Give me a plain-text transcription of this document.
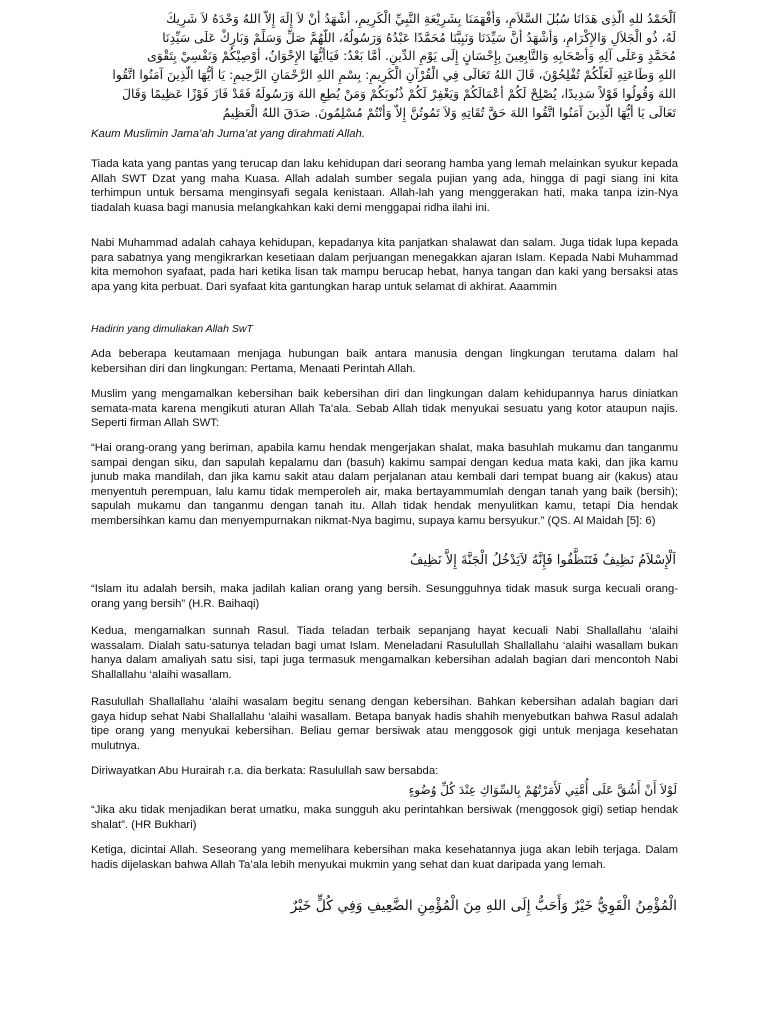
اَلْحَمْدُ للهِ الَّذِى هَدَانَا سُبُلَ السَّلاَمِ، وَأَفْهَمَنَا بِشَرِيْعَةِ النَّبِيِّ الْكَرِيمِ، أَشْهَدُ أَنْ لاَ إِلَهَ إِلاَّ اللهُ وَحْدَهُ لاَ شَرِيكَ
لَهُ، ذُو الْجَلاَلِ وَالإِكْرَامِ، وَأَشْهَدُ أَنَّ سَيِّدَنَا وَنَبِيَّنَا مُحَمَّدًا عَبْدُهُ وَرَسُولُهُ، اللَّهُمَّ صَلِّ وَسَلِّمْ وَبَارِكْ عَلَى سَيِّدِنَا
مُحَمَّدٍ وَعَلَى آلِهِ وَأَصْحَابِهِ وَالتَّابِعِينَ بِإِحْسَانٍ إِلَى يَوْمِ الدِّينِ. أَمَّا بَعْدُ: فَيَاأَيُّهَا الإِخْوَانُ، أُوْصِيْكُمْ وَنَفْسِيْ بِتَقْوَى
اللهِ وَطَاعَتِهِ لَعَلَّكُمْ تُفْلِحُوْنَ، قَالَ اللهُ تَعَالَى فِي الْقُرْآنِ الْكَرِيمِ: بِسْمِ اللهِ الرَّحْمَانِ الرَّحِيمِ: يَا أَيُّهَا الَّذِينَ آمَنُوا اتَّقُوا
اللهَ وَقُولُوا قَوْلاً سَدِيدًا، يُصْلِحْ لَكُمْ أَعْمَالَكُمْ وَيَغْفِرْ لَكُمْ ذُنُوبَكُمْ وَمَنْ يُطِعِ اللهَ وَرَسُولَهُ فَقَدْ فَازَ فَوْزًا عَظِيمًا وَقَالَ
تَعَالَى يَا أَيُّهَا الَّذِينَ آمَنُوا اتَّقُوا اللهَ حَقَّ تُقَاتِهِ وَلاَ تَمُوتُنَّ إِلاَّ وَأَنْتُمْ مُسْلِمُونَ. صَدَقَ اللهُ الْعَظِيمُ

Kaum Muslimin Jama’ah Juma’at yang dirahmati Allah.

Tiada kata yang pantas yang terucap dan laku kehidupan dari seorang hamba yang lemah melainkan syukur kepada Allah SWT Dzat yang maha Kuasa. Allah adalah sumber segala pujian yang ada, hingga di pagi siang ini kita terhimpun untuk bersama menginsyafi segala kenistaan. Allah-lah yang menggerakan hati, maka tanpa izin-Nya tiadalah kuasa bagi manusia melangkahkan kaki demi menggapai ridha ilahi ini.

Nabi Muhammad adalah cahaya kehidupan, kepadanya kita panjatkan shalawat dan salam. Juga tidak lupa kepada para sabatnya yang mengikrarkan kesetiaan dalam perjuangan menegakkan ajaran Islam. Kepada Nabi Muhammad kita memohon syafaat, pada hari ketika lisan tak mampu berucap hebat, hanya tangan dan kaki yang bersaksi atas apa yang kita perbuat. Dari syafaat kita gantungkan harap untuk selamat di akhirat. Aaammin

Hadirin yang dimuliakan Allah SwT

Ada beberapa keutamaan menjaga hubungan baik antara manusia dengan lingkungan terutama dalam hal kebersihan diri dan lingkungan: Pertama, Menaati Perintah Allah.

Muslim yang mengamalkan kebersihan baik kebersihan diri dan lingkungan dalam kehidupannya harus diniatkan semata-mata karena mengikuti aturan Allah Ta’ala. Sebab Allah tidak menyukai sesuatu yang kotor ataupun najis. Seperti firman Allah SWT:

“Hai orang-orang yang beriman, apabila kamu hendak mengerjakan shalat, maka basuhlah mukamu dan tanganmu sampai dengan siku, dan sapulah kepalamu dan (basuh) kakimu sampai dengan kedua mata kaki, dan jika kamu junub maka mandilah, dan jika kamu sakit atau dalam perjalanan atau kembali dari tempat buang air (kakus) atau menyentuh perempuan, lalu kamu tidak memperoleh air, maka bertayammumlah dengan tanah yang baik (bersih); sapulah mukamu dan tanganmu dengan tanah itu. Allah tidak hendak menyulitkan kamu, tetapi Dia hendak membersihkan kamu dan menyempurnakan nikmat-Nya bagimu, supaya kamu bersyukur.” (QS. Al Maidah [5]: 6)

اَلْإِسْلاَمُ نَظِيفٌ فَتَنَظَّفُوا فَإِنَّهُ لاَيَدْخُلُ الْجَنَّةَ إِلاَّ نَظِيفٌ

“Islam itu adalah bersih, maka jadilah kalian orang yang bersih. Sesungguhnya tidak masuk surga kecuali orang-orang yang bersih” (H.R. Baihaqi)

Kedua, mengamalkan sunnah Rasul. Tiada teladan terbaik sepanjang hayat kecuali Nabi Shallallahu ‘alaihi wassalam. Dialah satu-satunya teladan bagi umat Islam. Meneladani Rasulullah Shallallahu ‘alaihi wasallam bukan hanya dalam amaliyah satu sisi, tapi juga termasuk mengamalkan kebersihan adalah bagian dari mencontoh Nabi Shallallahu ‘alaihi wasallam.

Rasulullah Shallallahu ‘alaihi wasalam begitu senang dengan kebersihan. Bahkan kebersihan adalah bagian dari gaya hidup sehat Nabi Shallallahu ‘alaihi wasallam. Betapa banyak hadis shahih menyebutkan bahwa Rasul adalah tipe orang yang menyukai kebersihan. Beliau gemar bersiwak atau menggosok gigi untuk menjaga kesehatan mulutnya.

Diriwayatkan Abu Hurairah r.a. dia berkata: Rasulullah saw bersabda:

لَوْلاَ أَنْ أَشُقَّ عَلَى أُمَّتِي لَأَمَرْتُهُمْ بِالسِّوَاكِ عِنْدَ كُلِّ وُضُوءٍ

“Jika aku tidak menjadikan berat umatku, maka sungguh aku perintahkan bersiwak (menggosok gigi) setiap hendak shalat”. (HR Bukhari)

Ketiga, dicintai Allah. Seseorang yang memelihara kebersihan maka kesehatannya juga akan lebih terjaga. Dalam hadis dijelaskan bahwa Allah Ta’ala lebih menyukai mukmin yang sehat dan kuat daripada yang lemah.

الْمُؤْمِنُ الْقَوِيُّ خَيْرٌ وَأَحَبُّ إِلَى اللهِ مِنَ الْمُؤْمِنِ الضَّعِيفِ وَفِي كُلٍّ خَيْرٌ
